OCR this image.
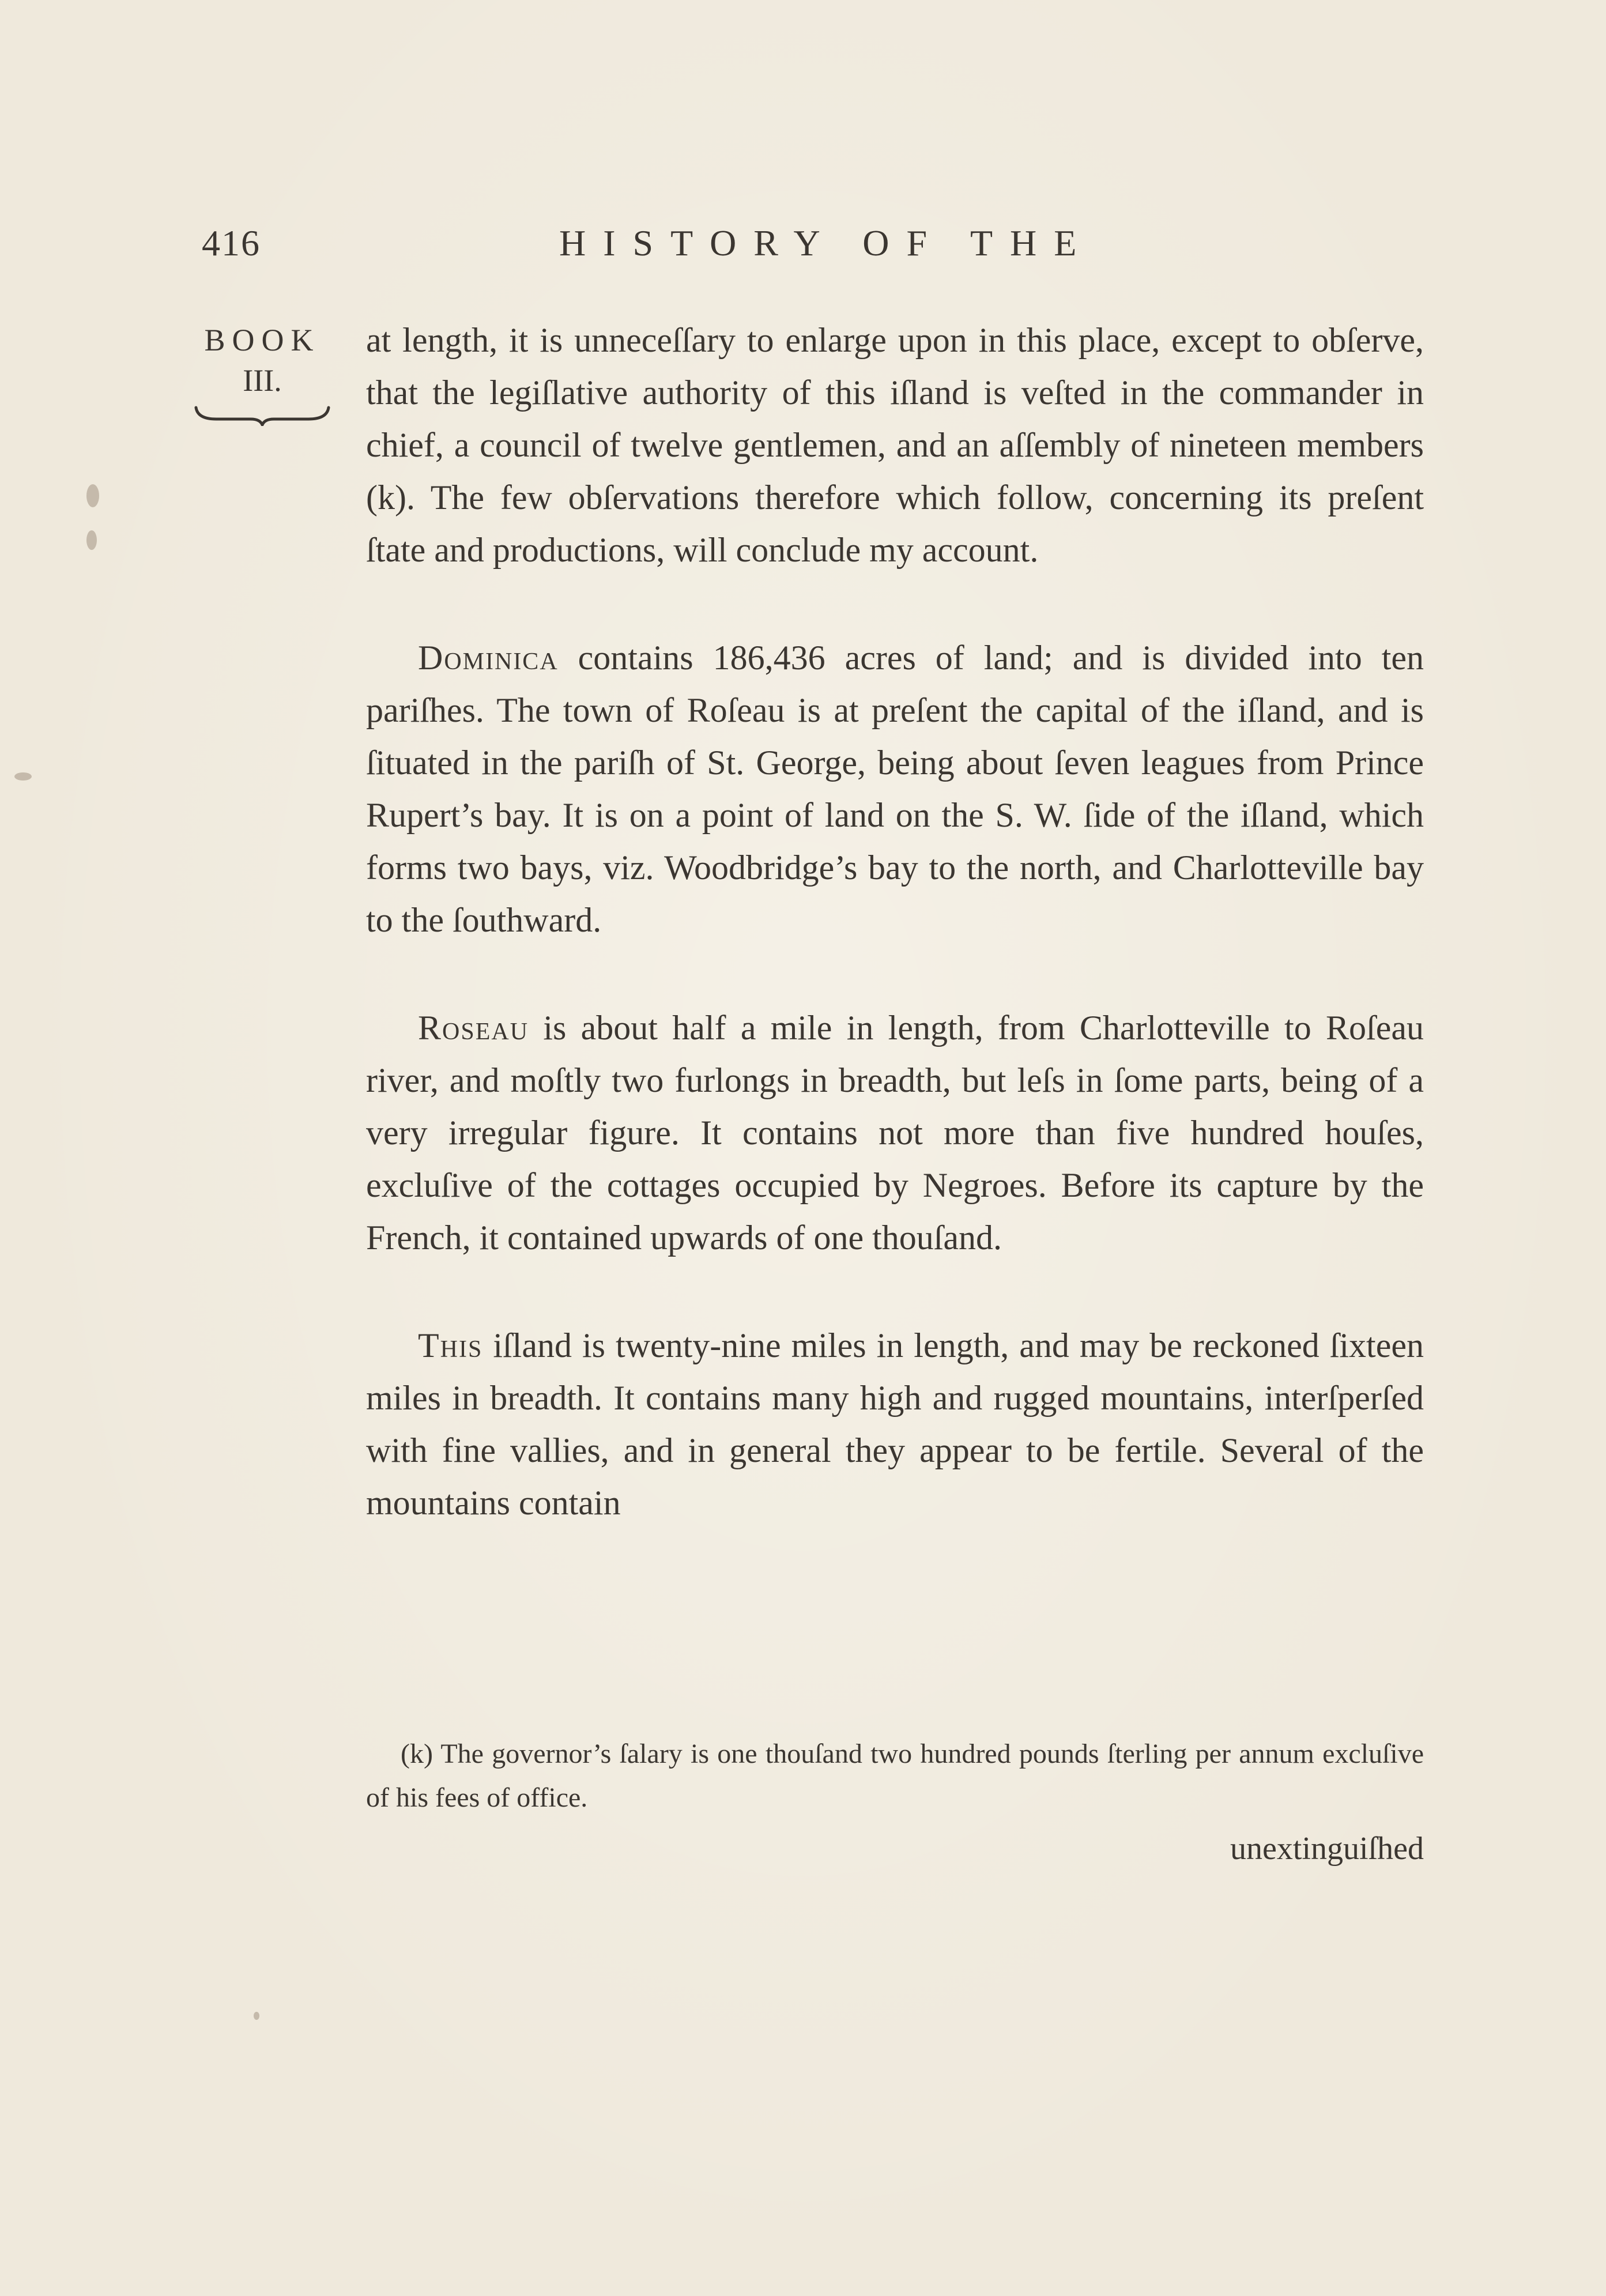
416	HISTORY OF THE
BOOK
III.

at length, it is unneceſſary to enlarge upon in this place, except to obſerve, that the legiſlative authority of this iſland is veſted in the commander in chief, a council of twelve gentlemen, and an aſſembly of nineteen members (k). The few obſervations therefore which follow, concerning its preſent ſtate and productions, will conclude my account.

Dominica contains 186,436 acres of land; and is divided into ten pariſhes. The town of Roſeau is at preſent the capital of the iſland, and is ſituated in the pariſh of St. George, being about ſeven leagues from Prince Rupert’s bay. It is on a point of land on the S. W. ſide of the iſland, which forms two bays, viz. Woodbridge’s bay to the north, and Charlotteville bay to the ſouthward.

Roseau is about half a mile in length, from Charlotteville to Roſeau river, and moſtly two furlongs in breadth, but leſs in ſome parts, being of a very irregular figure. It contains not more than five hundred houſes, excluſive of the cottages occupied by Negroes. Before its capture by the French, it contained upwards of one thouſand.

This iſland is twenty-nine miles in length, and may be reckoned ſixteen miles in breadth. It contains many high and rugged mountains, interſperſed with fine vallies, and in general they appear to be fertile. Several of the mountains contain

(k) The governor’s ſalary is one thouſand two hundred pounds ſterling per annum excluſive of his fees of office.

unextinguiſhed
